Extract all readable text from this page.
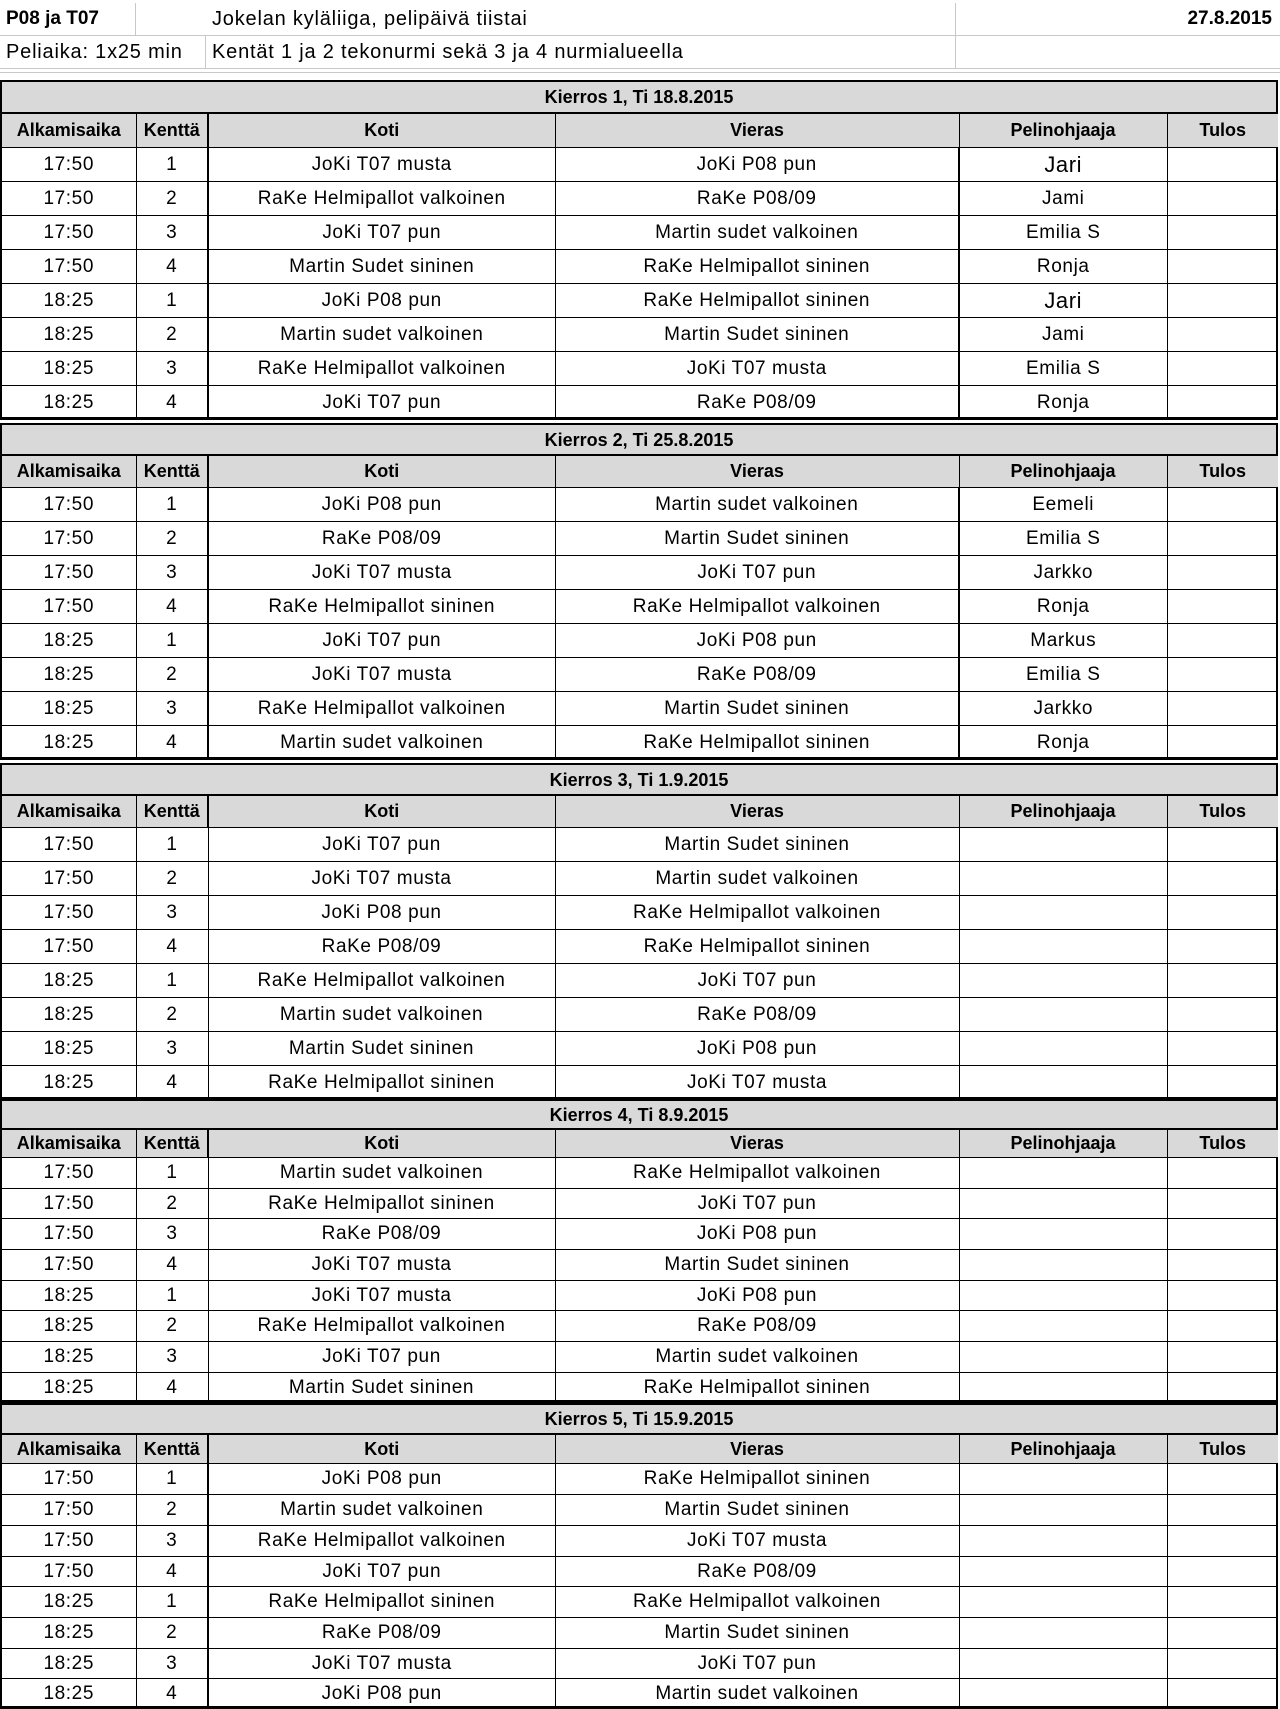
P08 ja T07	Jokelan kyläliiga, pelipäivä tiistai	27.8.2015
Peliaika: 1x25 min	Kentät 1 ja 2 tekonurmi sekä 3 ja 4 nurmialueella
Kierros 1, Ti 18.8.2015
Alkamisaika	Kenttä	Koti	Vieras	Pelinohjaaja	Tulos
17:50	1	JoKi T07 musta	JoKi P08 pun	Jari	
17:50	2	RaKe Helmipallot valkoinen	RaKe P08/09	Jami	
17:50	3	JoKi T07 pun	Martin sudet valkoinen	Emilia S	
17:50	4	Martin Sudet sininen	RaKe Helmipallot sininen	Ronja	
18:25	1	JoKi P08 pun	RaKe Helmipallot sininen	Jari	
18:25	2	Martin sudet valkoinen	Martin Sudet sininen	Jami	
18:25	3	RaKe Helmipallot valkoinen	JoKi T07 musta	Emilia S	
18:25	4	JoKi T07 pun	RaKe P08/09	Ronja	
Kierros 2, Ti 25.8.2015
Alkamisaika	Kenttä	Koti	Vieras	Pelinohjaaja	Tulos
17:50	1	JoKi P08 pun	Martin sudet valkoinen	Eemeli	
17:50	2	RaKe P08/09	Martin Sudet sininen	Emilia S	
17:50	3	JoKi T07 musta	JoKi T07 pun	Jarkko	
17:50	4	RaKe Helmipallot sininen	RaKe Helmipallot valkoinen	Ronja	
18:25	1	JoKi T07 pun	JoKi P08 pun	Markus	
18:25	2	JoKi T07 musta	RaKe P08/09	Emilia S	
18:25	3	RaKe Helmipallot valkoinen	Martin Sudet sininen	Jarkko	
18:25	4	Martin sudet valkoinen	RaKe Helmipallot sininen	Ronja	
Kierros 3, Ti 1.9.2015
Alkamisaika	Kenttä	Koti	Vieras	Pelinohjaaja	Tulos
17:50	1	JoKi T07 pun	Martin Sudet sininen		
17:50	2	JoKi T07 musta	Martin sudet valkoinen		
17:50	3	JoKi P08 pun	RaKe Helmipallot valkoinen		
17:50	4	RaKe P08/09	RaKe Helmipallot sininen		
18:25	1	RaKe Helmipallot valkoinen	JoKi T07 pun		
18:25	2	Martin sudet valkoinen	RaKe P08/09		
18:25	3	Martin Sudet sininen	JoKi P08 pun		
18:25	4	RaKe Helmipallot sininen	JoKi T07 musta		
Kierros 4, Ti 8.9.2015
Alkamisaika	Kenttä	Koti	Vieras	Pelinohjaaja	Tulos
17:50	1	Martin sudet valkoinen	RaKe Helmipallot valkoinen		
17:50	2	RaKe Helmipallot sininen	JoKi T07 pun		
17:50	3	RaKe P08/09	JoKi P08 pun		
17:50	4	JoKi T07 musta	Martin Sudet sininen		
18:25	1	JoKi T07 musta	JoKi P08 pun		
18:25	2	RaKe Helmipallot valkoinen	RaKe P08/09		
18:25	3	JoKi T07 pun	Martin sudet valkoinen		
18:25	4	Martin Sudet sininen	RaKe Helmipallot sininen		
Kierros 5, Ti 15.9.2015
Alkamisaika	Kenttä	Koti	Vieras	Pelinohjaaja	Tulos
17:50	1	JoKi P08 pun	RaKe Helmipallot sininen		
17:50	2	Martin sudet valkoinen	Martin Sudet sininen		
17:50	3	RaKe Helmipallot valkoinen	JoKi T07 musta		
17:50	4	JoKi T07 pun	RaKe P08/09		
18:25	1	RaKe Helmipallot sininen	RaKe Helmipallot valkoinen		
18:25	2	RaKe P08/09	Martin Sudet sininen		
18:25	3	JoKi T07 musta	JoKi T07 pun		
18:25	4	JoKi P08 pun	Martin sudet valkoinen		
